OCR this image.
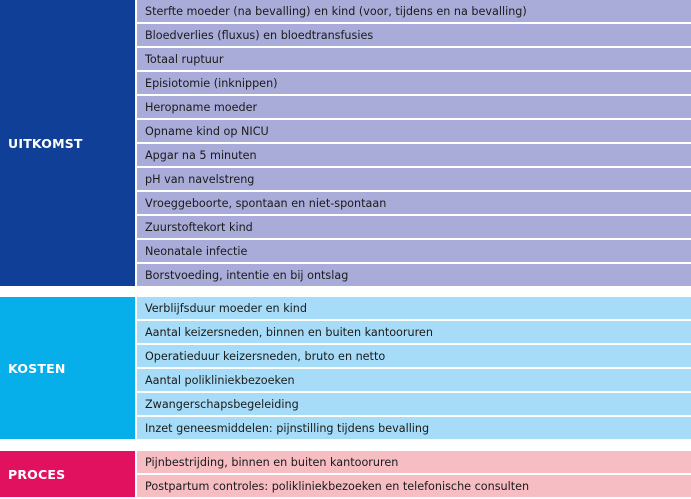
UITKOMST
Sterfte moeder (na bevalling) en kind (voor, tijdens en na bevalling)
Bloedverlies (fluxus) en bloedtransfusies
Totaal ruptuur
Episiotomie (inknippen)
Heropname moeder
Opname kind op NICU
Apgar na 5 minuten
pH van navelstreng
Vroeggeboorte, spontaan en niet-spontaan
Zuurstoftekort kind
Neonatale infectie
Borstvoeding, intentie en bij ontslag
KOSTEN
Verblijfsduur moeder en kind
Aantal keizersneden, binnen en buiten kantooruren
Operatieduur keizersneden, bruto en netto
Aantal polikliniekbezoeken
Zwangerschapsbegeleiding
Inzet geneesmiddelen: pijnstilling tijdens bevalling
PROCES
Pijnbestrijding, binnen en buiten kantooruren
Postpartum controles: polikliniekbezoeken en telefonische consulten
